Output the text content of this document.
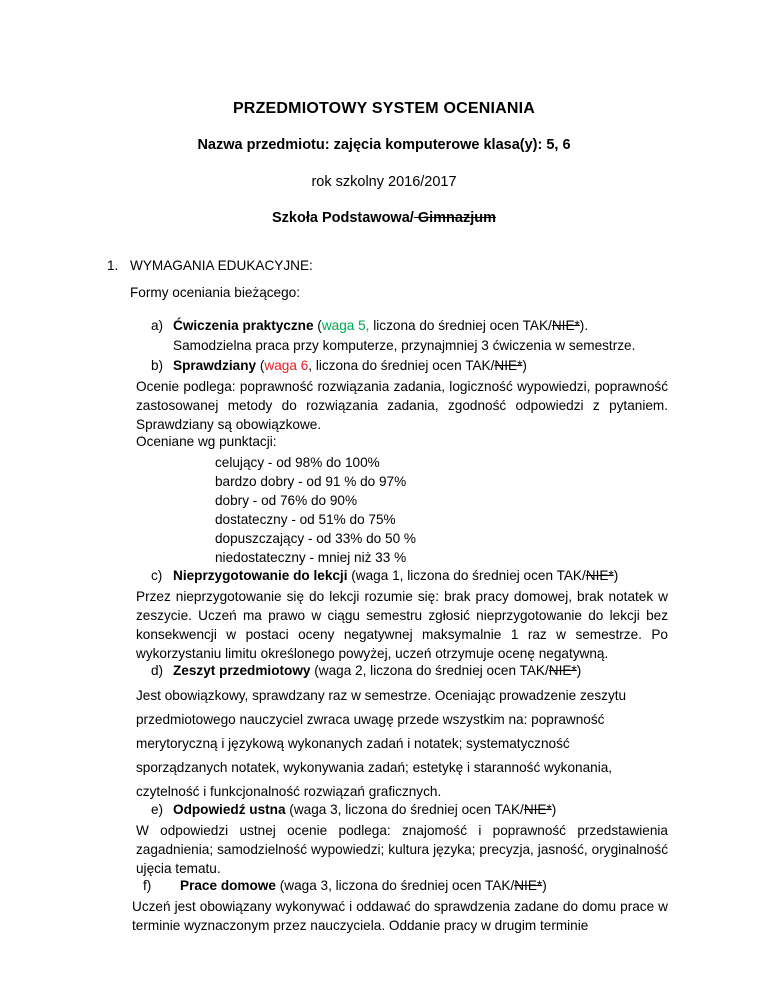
PRZEDMIOTOWY SYSTEM OCENIANIA
Nazwa przedmiotu: zajęcia komputerowe klasa(y): 5, 6
rok szkolny 2016/2017
Szkoła Podstawowa/ Gimnazjum
1. WYMAGANIA EDUKACYJNE:
Formy oceniania bieżącego:
a) Ćwiczenia praktyczne (waga 5, liczona do średniej ocen TAK/NIE*).
Samodzielna praca przy komputerze, przynajmniej 3 ćwiczenia w semestrze.
b) Sprawdziany (waga 6, liczona do średniej ocen TAK/NIE*)
Ocenie podlega: poprawność rozwiązania zadania, logiczność wypowiedzi, poprawność zastosowanej metody do rozwiązania zadania, zgodność odpowiedzi z pytaniem. Sprawdziany są obowiązkowe.
Oceniane wg punktacji:
celujący - od 98% do 100%
bardzo dobry - od 91 % do 97%
dobry - od 76% do 90%
dostateczny - od 51% do 75%
dopuszczający - od 33% do 50 %
niedostateczny - mniej niż 33 %
c) Nieprzygotowanie do lekcji (waga 1, liczona do średniej ocen TAK/NIE*)
Przez nieprzygotowanie się do lekcji rozumie się: brak pracy domowej, brak notatek w zeszycie. Uczeń ma prawo w ciągu semestru zgłosić nieprzygotowanie do lekcji bez konsekwencji w postaci oceny negatywnej maksymalnie 1 raz w semestrze. Po wykorzystaniu limitu określonego powyżej, uczeń otrzymuje ocenę negatywną.
d) Zeszyt przedmiotowy (waga 2, liczona do średniej ocen TAK/NIE*)
Jest obowiązkowy, sprawdzany raz w semestrze. Oceniając prowadzenie zeszytu
przedmiotowego nauczyciel zwraca uwagę przede wszystkim na: poprawność
merytoryczną i językową wykonanych zadań i notatek; systematyczność
sporządzanych notatek, wykonywania zadań; estetykę i staranność wykonania,
czytelność i funkcjonalność rozwiązań graficznych.
e) Odpowiedź ustna (waga 3, liczona do średniej ocen TAK/NIE*)
W odpowiedzi ustnej ocenie podlega: znajomość i poprawność przedstawienia zagadnienia; samodzielność wypowiedzi; kultura języka; precyzja, jasność, oryginalność ujęcia tematu.
f) Prace domowe (waga 3, liczona do średniej ocen TAK/NIE*)
Uczeń jest obowiązany wykonywać i oddawać do sprawdzenia zadane do domu prace w terminie wyznaczonym przez nauczyciela. Oddanie pracy w drugim terminie
